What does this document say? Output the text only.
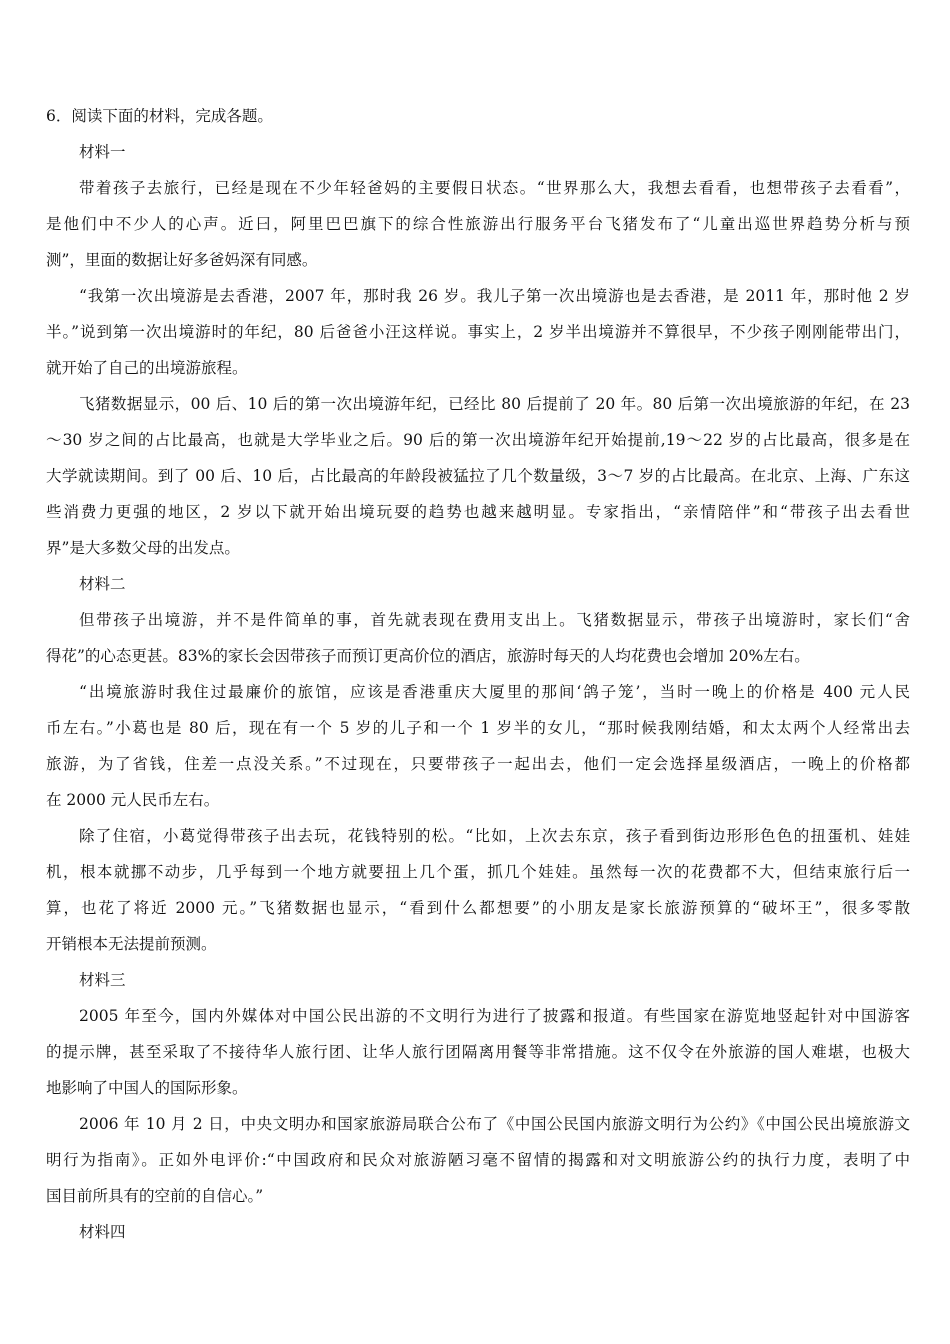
6．阅读下面的材料，完成各题。
材料一
带着孩子去旅行，已经是现在不少年轻爸妈的主要假日状态。“世界那么大，我想去看看，也想带孩子去看看”，
是他们中不少人的心声。近曰，阿里巴巴旗下的综合性旅游出行服务平台飞猪发布了“儿童出巡世界趋势分析与预
测”，里面的数据让好多爸妈深有同感。
“我第一次出境游是去香港，2007 年，那时我 26 岁。我儿子第一次出境游也是去香港，是 2011 年，那时他 2 岁
半。”说到第一次出境游时的年纪，80 后爸爸小汪这样说。事实上，2 岁半出境游并不算很早，不少孩子刚刚能带出门，
就开始了自己的出境游旅程。
飞猪数据显示，00 后、10 后的第一次出境游年纪，已经比 80 后提前了 20 年。80 后第一次出境旅游的年纪，在 23
～30 岁之间的占比最高，也就是大学毕业之后。90 后的第一次出境游年纪开始提前,19～22 岁的占比最高，很多是在
大学就读期间。到了 00 后、10 后，占比最高的年龄段被猛拉了几个数量级，3～7 岁的占比最高。在北京、上海、广东这
些消费力更强的地区，2 岁以下就开始出境玩耍的趋势也越来越明显。专家指出，“亲情陪伴”和“带孩子出去看世
界”是大多数父母的出发点。
材料二
但带孩子出境游，并不是件简单的事，首先就表现在费用支出上。飞猪数据显示，带孩子出境游时，家长们“舍
得花”的心态更甚。83%的家长会因带孩子而预订更高价位的酒店，旅游时每天的人均花费也会增加 20%左右。
“出境旅游时我住过最廉价的旅馆，应该是香港重庆大厦里的那间‘鸽子笼’，当时一晚上的价格是 400 元人民
币左右。”小葛也是 80 后，现在有一个 5 岁的儿子和一个 1 岁半的女儿，“那时候我刚结婚，和太太两个人经常出去
旅游，为了省钱，住差一点没关系。”不过现在，只要带孩子一起出去，他们一定会选择星级酒店，一晚上的价格都
在 2000 元人民币左右。
除了住宿，小葛觉得带孩子出去玩，花钱特别的松。“比如，上次去东京，孩子看到街边形形色色的扭蛋机、娃娃
机，根本就挪不动步，几乎每到一个地方就要扭上几个蛋，抓几个娃娃。虽然每一次的花费都不大，但结束旅行后一
算，也花了将近 2000 元。”飞猪数据也显示，“看到什么都想要”的小朋友是家长旅游预算的“破坏王”，很多零散
开销根本无法提前预测。
材料三
2005 年至今，国内外媒体对中国公民出游的不文明行为进行了披露和报道。有些国家在游览地竖起针对中国游客
的提示牌，甚至采取了不接待华人旅行团、让华人旅行团隔离用餐等非常措施。这不仅令在外旅游的国人难堪，也极大
地影响了中国人的国际形象。
2006 年 10 月 2 日，中央文明办和国家旅游局联合公布了《中国公民国内旅游文明行为公约》《中国公民出境旅游文
明行为指南》。正如外电评价:“中国政府和民众对旅游陋习毫不留情的揭露和对文明旅游公约的执行力度，表明了中
国目前所具有的空前的自信心。”
材料四
